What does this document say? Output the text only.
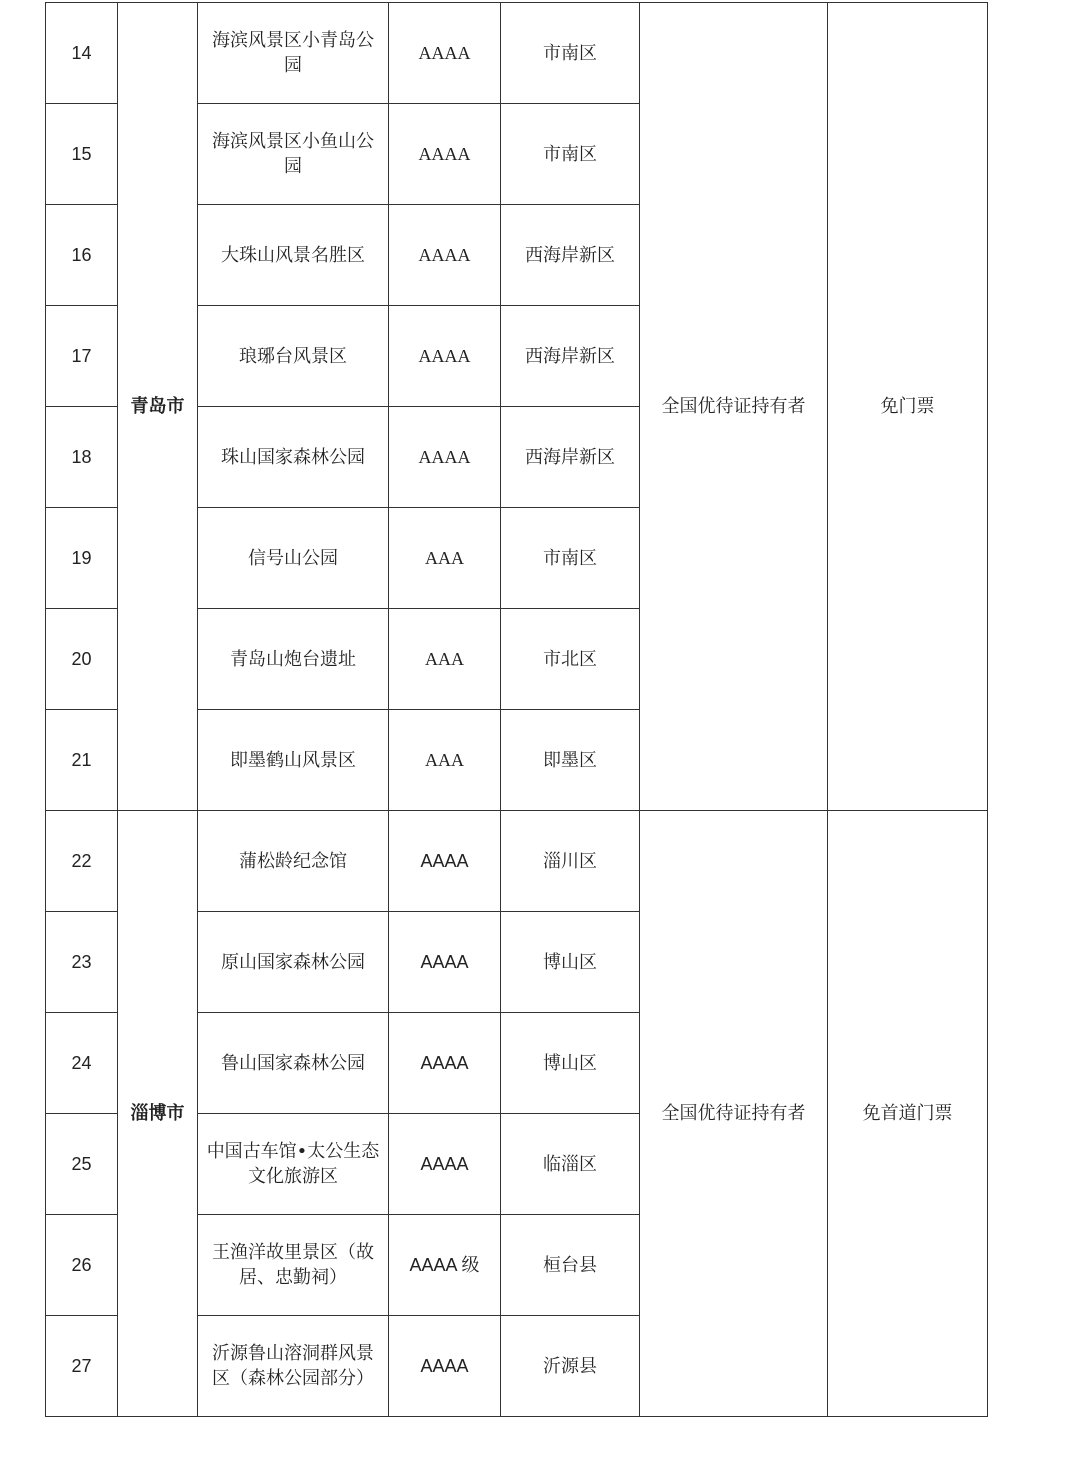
14	青岛市	海滨风景区小青岛公园	AAAA	市南区	全国优待证持有者	免门票
15		海滨风景区小鱼山公园	AAAA	市南区		
16		大珠山风景名胜区	AAAA	西海岸新区		
17		琅琊台风景区	AAAA	西海岸新区		
18		珠山国家森林公园	AAAA	西海岸新区		
19		信号山公园	AAA	市南区		
20		青岛山炮台遗址	AAA	市北区		
21		即墨鹤山风景区	AAA	即墨区		
22	淄博市	蒲松龄纪念馆	AAAA	淄川区	全国优待证持有者	免首道门票
23		原山国家森林公园	AAAA	博山区		
24		鲁山国家森林公园	AAAA	博山区		
25		中国古车馆•太公生态文化旅游区	AAAA	临淄区		
26		王渔洋故里景区（故居、忠勤祠）	AAAA 级	桓台县		
27		沂源鲁山溶洞群风景区（森林公园部分）	AAAA	沂源县		
